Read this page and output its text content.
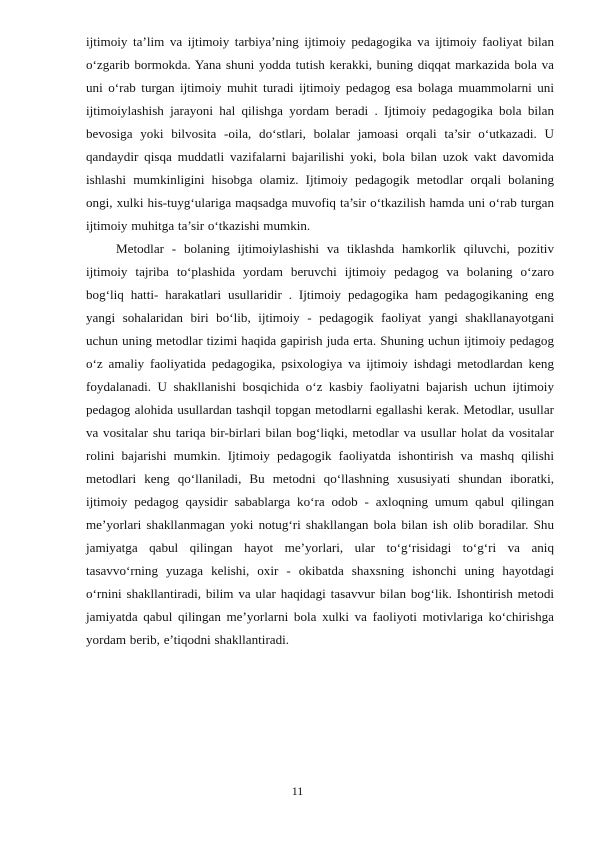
ijtimoiy ta’lim va ijtimoiy tarbiya’ning ijtimoiy pedagogika va ijtimoiy faoliyat bilan o‘zgarib bormokda. Yana shuni yodda tutish kerakki, buning diqqat markazida bola va uni o‘rab turgan ijtimoiy muhit turadi ijtimoiy pedagog esa bolaga muammolarni uni ijtimoiylashish jarayoni hal qilishga yordam beradi . Ijtimoiy pedagogika bola bilan bevosiga yoki bilvosita -oila, do‘stlari, bolalar jamoasi orqali ta’sir o‘utkazadi. U qandaydir qisqa muddatli vazifalarni bajarilishi yoki, bola bilan uzok vakt davomida ishlashi mumkinligini hisobga olamiz. Ijtimoiy pedagogik metodlar orqali bolaning ongi, xulki his-tuyg‘ulariga maqsadga muvofiq ta’sir o‘tkazilish hamda uni o‘rab turgan ijtimoiy muhitga ta’sir o‘tkazishi mumkin.

Metodlar - bolaning ijtimoiylashishi va tiklashda hamkorlik qiluvchi, pozitiv ijtimoiy tajriba to‘plashida yordam beruvchi ijtimoiy pedagog va bolaning o‘zaro bog‘liq hatti- harakatlari usullaridir . Ijtimoiy pedagogika ham pedagogikaning eng yangi sohalaridan biri bo‘lib, ijtimoiy - pedagogik faoliyat yangi shakllanayotgani uchun uning metodlar tizimi haqida gapirish juda erta. Shuning uchun ijtimoiy pedagog o‘z amaliy faoliyatida pedagogika, psixologiya va ijtimoiy ishdagi metodlardan keng foydalanadi. U shakllanishi bosqichida o‘z kasbiy faoliyatni bajarish uchun ijtimoiy pedagog alohida usullardan tashqil topgan metodlarni egallashi kerak. Metodlar, usullar va vositalar shu tariqa bir-birlari bilan bog‘liqki, metodlar va usullar holat da vositalar rolini bajarishi mumkin. Ijtimoiy pedagogik faoliyatda ishontirish va mashq qilishi metodlari keng qo‘llaniladi, Bu metodni qo‘llashning xususiyati shundan iboratki, ijtimoiy pedagog qaysidir sabablarga ko‘ra odob - axloqning umum qabul qilingan me’yorlari shakllanmagan yoki notug‘ri shakllangan bola bilan ish olib boradilar. Shu jamiyatga qabul qilingan hayot me’yorlari, ular to‘g‘risidagi to‘g‘ri va aniq tasavvo‘rning yuzaga kelishi, oxir - okibatda shaxsning ishonchi uning hayotdagi o‘rnini shakllantiradi, bilim va ular haqidagi tasavvur bilan bog‘lik. Ishontirish metodi jamiyatda qabul qilingan me’yorlarni bola xulki va faoliyoti motivlariga ko‘chirishga yordam berib, e’tiqodni shakllantiradi.

11
